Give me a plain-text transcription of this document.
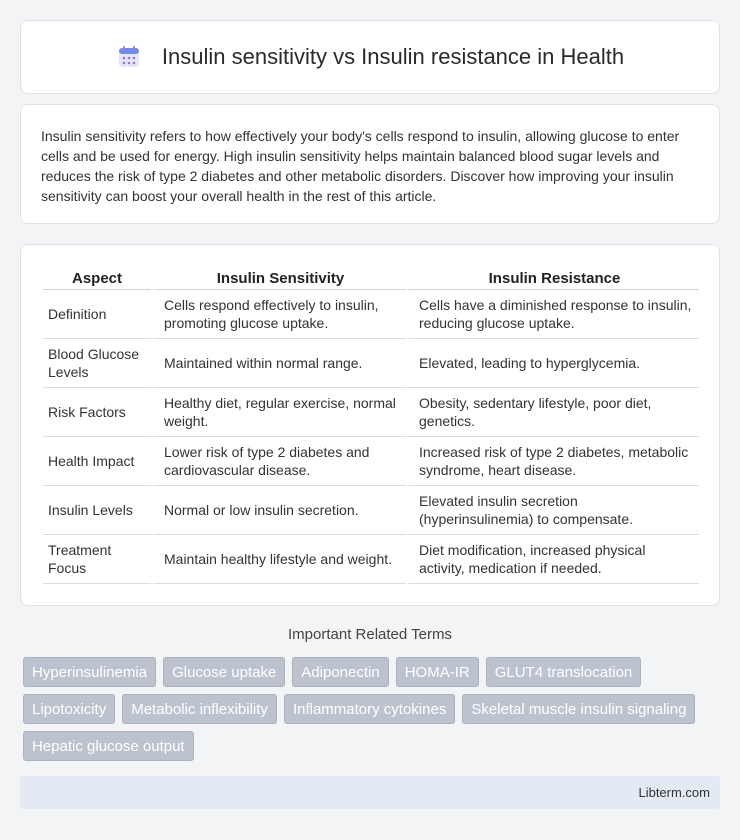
Insulin sensitivity vs Insulin resistance in Health

Insulin sensitivity refers to how effectively your body's cells respond to insulin, allowing glucose to enter cells and be used for energy. High insulin sensitivity helps maintain balanced blood sugar levels and reduces the risk of type 2 diabetes and other metabolic disorders. Discover how improving your insulin sensitivity can boost your overall health in the rest of this article.

Aspect	Insulin Sensitivity	Insulin Resistance
Definition	Cells respond effectively to insulin, promoting glucose uptake.	Cells have a diminished response to insulin, reducing glucose uptake.
Blood Glucose Levels	Maintained within normal range.	Elevated, leading to hyperglycemia.
Risk Factors	Healthy diet, regular exercise, normal weight.	Obesity, sedentary lifestyle, poor diet, genetics.
Health Impact	Lower risk of type 2 diabetes and cardiovascular disease.	Increased risk of type 2 diabetes, metabolic syndrome, heart disease.
Insulin Levels	Normal or low insulin secretion.	Elevated insulin secretion (hyperinsulinemia) to compensate.
Treatment Focus	Maintain healthy lifestyle and weight.	Diet modification, increased physical activity, medication if needed.
Important Related Terms
Hyperinsulinemia	Glucose uptake	Adiponectin	HOMA-IR	GLUT4 translocation
Lipotoxicity	Metabolic inflexibility	Inflammatory cytokines	Skeletal muscle insulin signaling
Hepatic glucose output
Libterm.com
